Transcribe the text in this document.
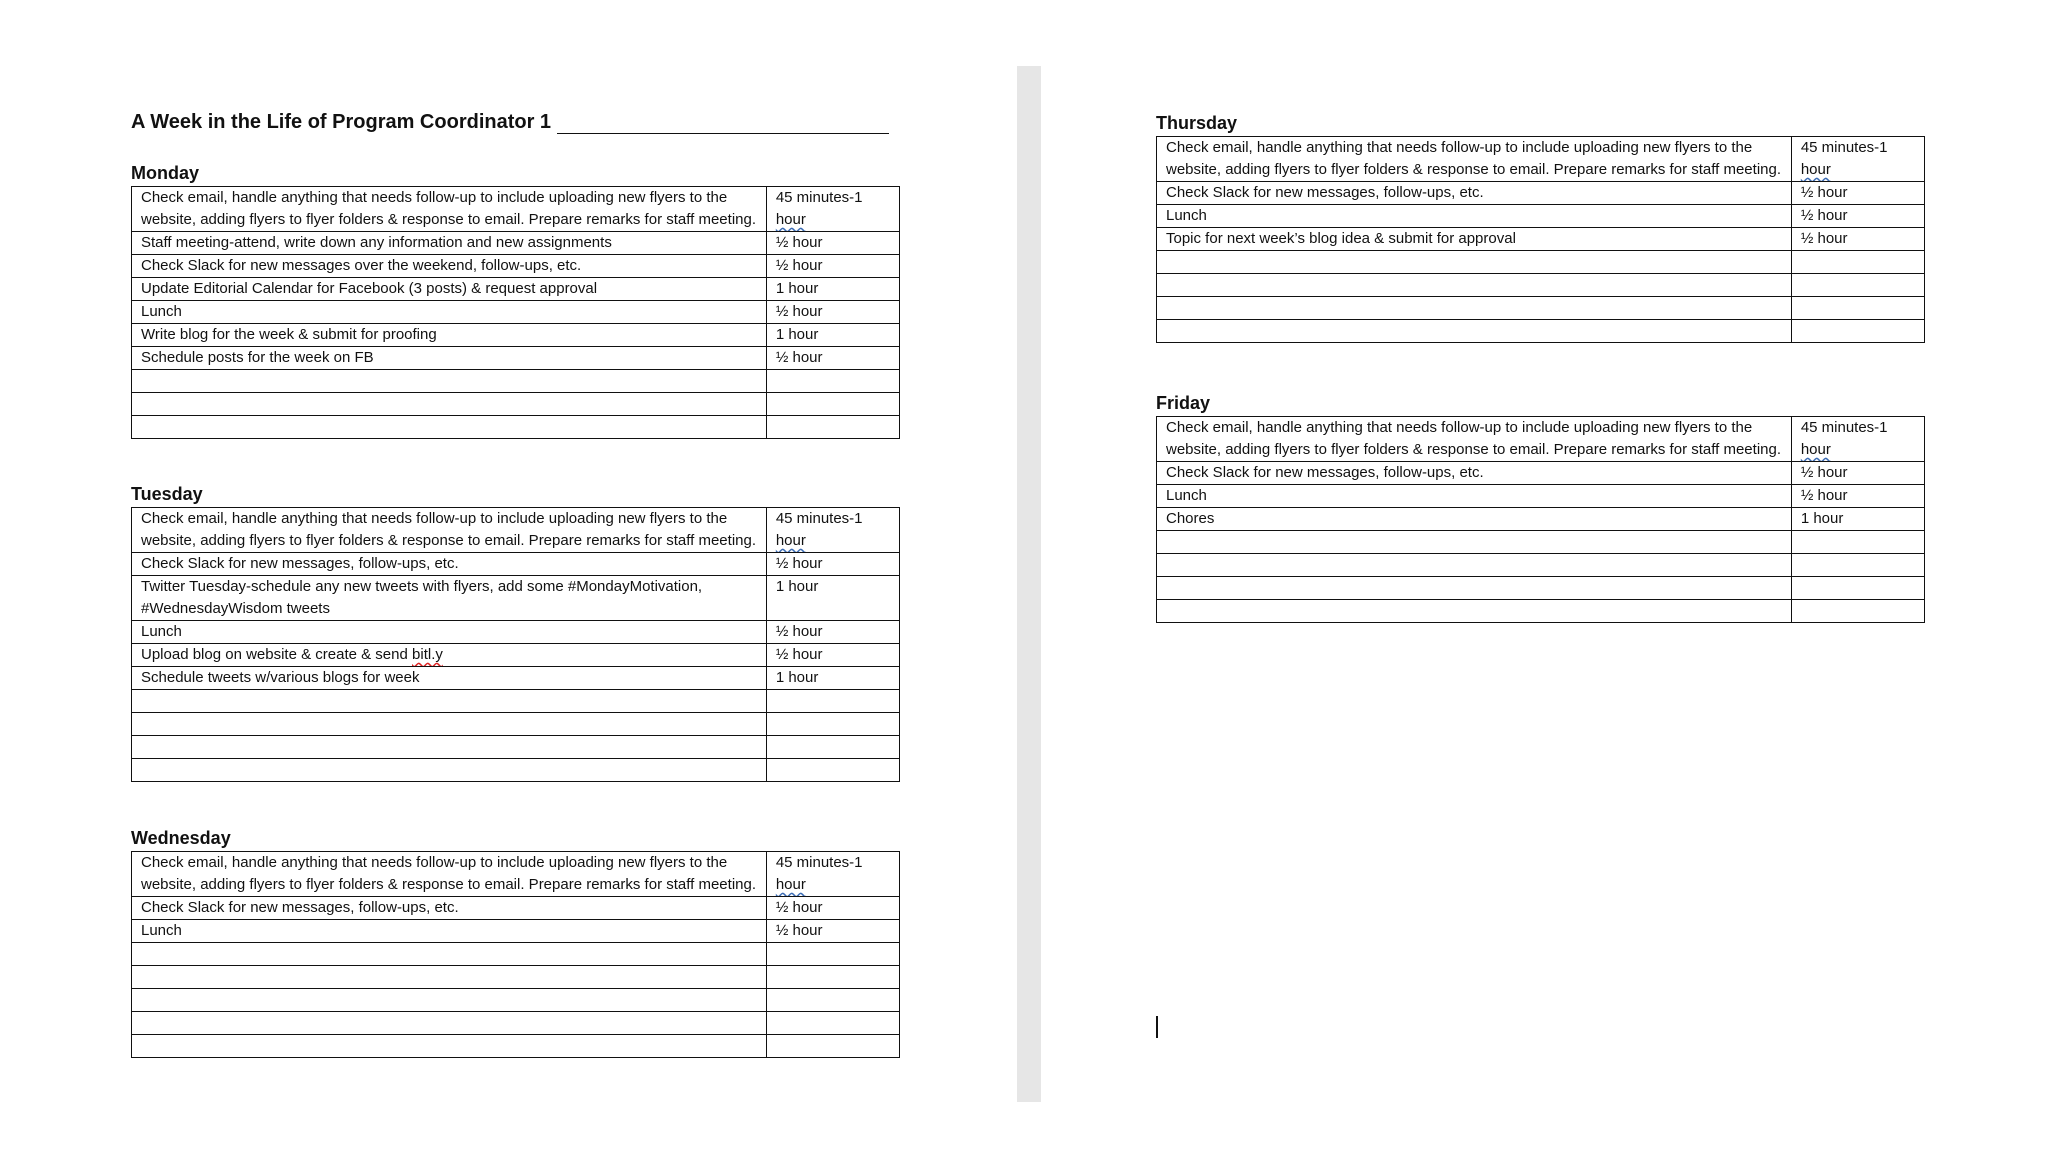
A Week in the Life of Program Coordinator 1
Monday
Check email, handle anything that needs follow-up to include uploading new flyers to the website, adding flyers to flyer folders & response to email. Prepare remarks for staff meeting.	45 minutes-1
hour
Staff meeting-attend, write down any information and new assignments	½ hour
Check Slack for new messages over the weekend, follow-ups, etc.	½ hour
Update Editorial Calendar for Facebook (3 posts) & request approval	1 hour
Lunch	½ hour
Write blog for the week & submit for proofing	1 hour
Schedule posts for the week on FB	½ hour

Tuesday
Check email, handle anything that needs follow-up to include uploading new flyers to the website, adding flyers to flyer folders & response to email. Prepare remarks for staff meeting.	45 minutes-1
hour
Check Slack for new messages, follow-ups, etc.	½ hour
Twitter Tuesday-schedule any new tweets with flyers, add some #MondayMotivation, #WednesdayWisdom tweets	1 hour
Lunch	½ hour
Upload blog on website & create & send bitl.y	½ hour
Schedule tweets w/various blogs for week	1 hour

Wednesday
Check email, handle anything that needs follow-up to include uploading new flyers to the website, adding flyers to flyer folders & response to email. Prepare remarks for staff meeting.	45 minutes-1
hour
Check Slack for new messages, follow-ups, etc.	½ hour
Lunch	½ hour

Thursday
Check email, handle anything that needs follow-up to include uploading new flyers to the website, adding flyers to flyer folders & response to email. Prepare remarks for staff meeting.	45 minutes-1
hour
Check Slack for new messages, follow-ups, etc.	½ hour
Lunch	½ hour
Topic for next week’s blog idea & submit for approval	½ hour

Friday
Check email, handle anything that needs follow-up to include uploading new flyers to the website, adding flyers to flyer folders & response to email. Prepare remarks for staff meeting.	45 minutes-1
hour
Check Slack for new messages, follow-ups, etc.	½ hour
Lunch	½ hour
Chores	1 hour
